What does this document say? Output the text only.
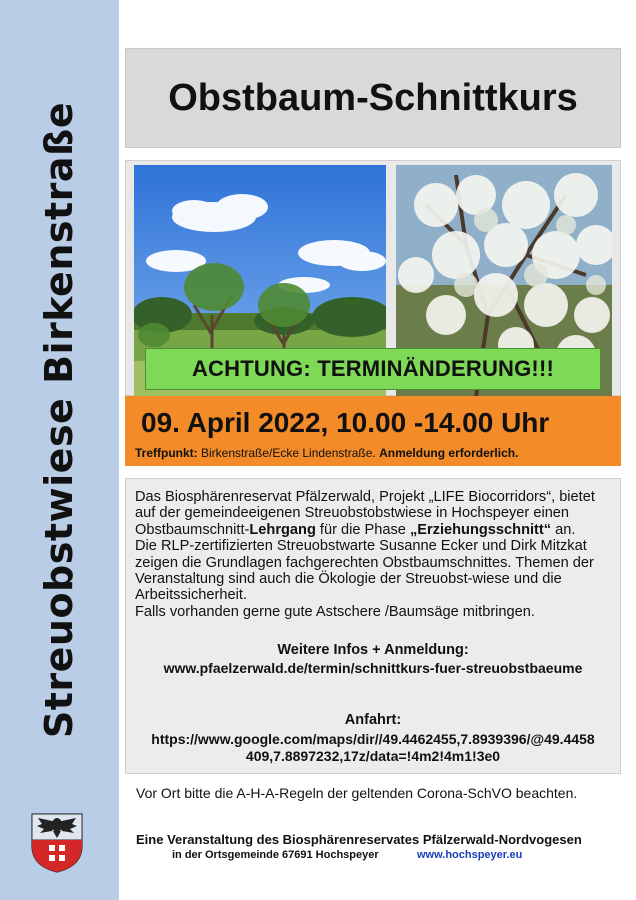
Streuobstwiese Birkenstraße
Obstbaum-Schnittkurs
ACHTUNG: TERMINÄNDERUNG!!!
09. April 2022, 10.00 -14.00 Uhr
Treffpunkt: Birkenstraße/Ecke Lindenstraße. Anmeldung erforderlich.
Das Biosphärenreservat Pfälzerwald, Projekt „LIFE Biocorridors“, bietet auf der gemeindeeigenen Streuobstobstwiese in Hochspeyer einen Obstbaumschnitt-Lehrgang für die Phase „Erziehungsschnitt“ an.
Die RLP-zertifizierten Streuobstwarte Susanne Ecker und Dirk Mitzkat zeigen die Grundlagen fachgerechten Obstbaumschnittes. Themen der Veranstaltung sind auch die Ökologie der Streuobst-wiese und die Arbeitssicherheit.
Falls vorhanden gerne gute Astschere /Baumsäge mitbringen.
Weitere Infos + Anmeldung:
www.pfaelzerwald.de/termin/schnittkurs-fuer-streuobstbaeume
Anfahrt:
https://www.google.com/maps/dir//49.4462455,7.8939396/@49.4458
409,7.8897232,17z/data=!4m2!4m1!3e0
Vor Ort bitte die A-H-A-Regeln der geltenden Corona-SchVO beachten.
Eine Veranstaltung des Biosphärenreservates Pfälzerwald-Nordvogesen
in der Ortsgemeinde 67691 Hochspeyer	www.hochspeyer.eu
